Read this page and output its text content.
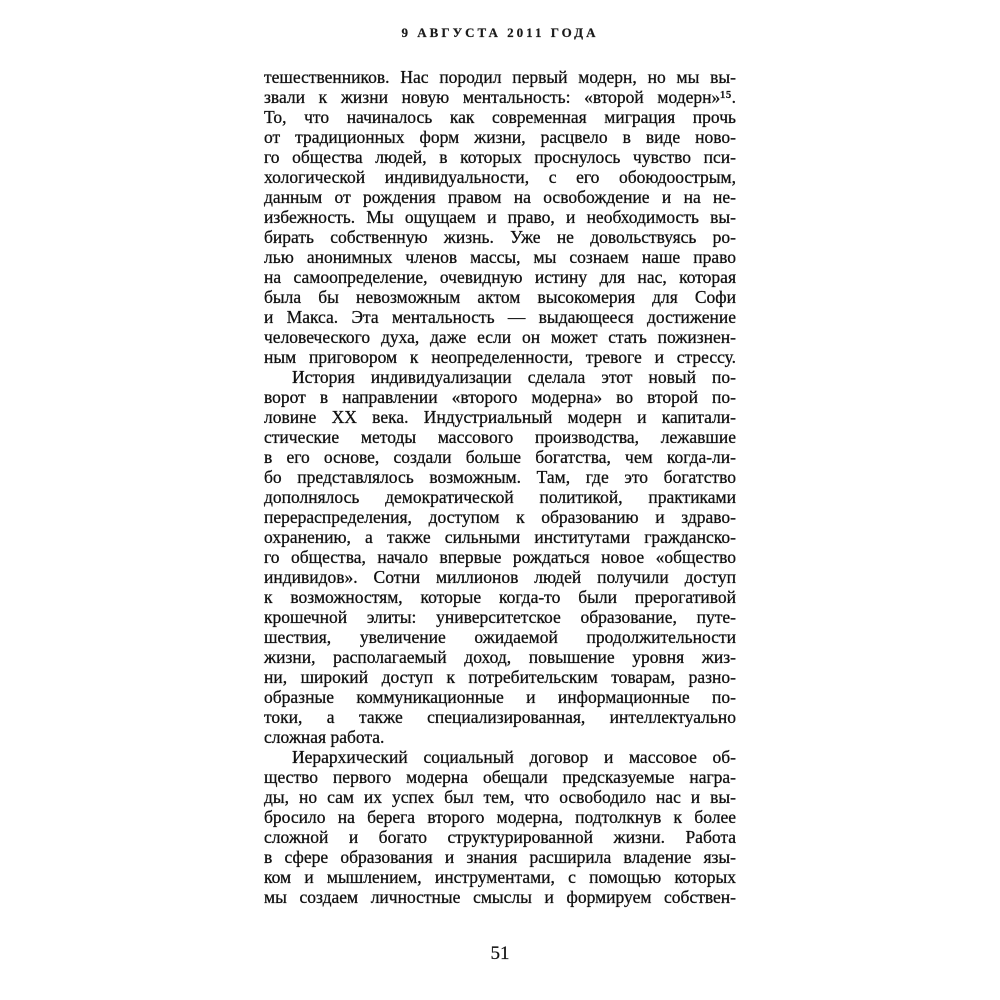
9 АВГУСТА 2011 ГОДА
тешественников. Нас породил первый модерн, но мы вы-
звали к жизни новую ментальность: «второй модерн»¹⁵.
То, что начиналось как современная миграция прочь
от традиционных форм жизни, расцвело в виде ново-
го общества людей, в которых проснулось чувство пси-
хологической индивидуальности, с его обоюдоострым,
данным от рождения правом на освобождение и на не-
избежность. Мы ощущаем и право, и необходимость вы-
бирать собственную жизнь. Уже не довольствуясь ро-
лью анонимных членов массы, мы сознаем наше право
на самоопределение, очевидную истину для нас, которая
была бы невозможным актом высокомерия для Софи
и Макса. Эта ментальность — выдающееся достижение
человеческого духа, даже если он может стать пожизнен-
ным приговором к неопределенности, тревоге и стрессу.
История индивидуализации сделала этот новый по-
ворот в направлении «второго модерна» во второй по-
ловине XX века. Индустриальный модерн и капитали-
стические методы массового производства, лежавшие
в его основе, создали больше богатства, чем когда-ли-
бо представлялось возможным. Там, где это богатство
дополнялось демократической политикой, практиками
перераспределения, доступом к образованию и здраво-
охранению, а также сильными институтами гражданско-
го общества, начало впервые рождаться новое «общество
индивидов». Сотни миллионов людей получили доступ
к возможностям, которые когда-то были прерогативой
крошечной элиты: университетское образование, путе-
шествия, увеличение ожидаемой продолжительности
жизни, располагаемый доход, повышение уровня жиз-
ни, широкий доступ к потребительским товарам, разно-
образные коммуникационные и информационные по-
токи, а также специализированная, интеллектуально
сложная работа.
Иерархический социальный договор и массовое об-
щество первого модерна обещали предсказуемые награ-
ды, но сам их успех был тем, что освободило нас и вы-
бросило на берега второго модерна, подтолкнув к более
сложной и богато структурированной жизни. Работа
в сфере образования и знания расширила владение язы-
ком и мышлением, инструментами, с помощью которых
мы создаем личностные смыслы и формируем собствен-
51
